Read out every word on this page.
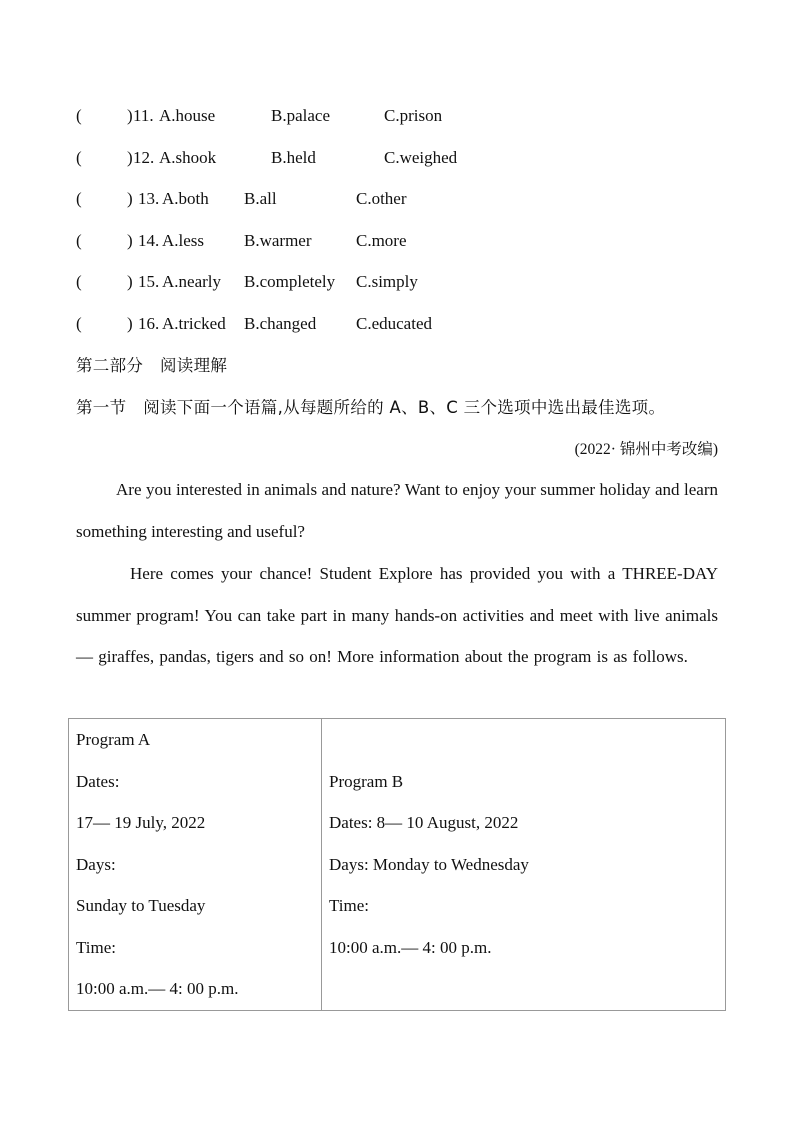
(	) 11. A.house	B.palace	C.prison
(	) 12. A.shook	B.held	C.weighed
(	) 13. A.both B.all	C.other
(	) 14. A.less B.warmer	C.more
(	) 15. A.nearly B.completely C.simply
(	) 16. A.tricked B.changed C.educated
第二部分　阅读理解
第一节　阅读下面一个语篇,从每题所给的 A、B、C 三个选项中选出最佳选项。
(2022· 锦州中考改编)

Are you interested in animals and nature? Want to enjoy your summer holiday and learn something interesting and useful?

Here comes your chance! Student Explore has provided you with a THREE-DAY summer program! You can take part in many hands-on activities and meet with live animals — giraffes, pandas, tigers and so on! More information about the program is as follows.

Program A
Dates:
17— 19 July, 2022
Days:
Sunday to Tuesday
Time:
10:00 a.m.— 4: 00 p.m.

Program B
Dates: 8— 10 August, 2022
Days: Monday to Wednesday
Time:
10:00 a.m.— 4: 00 p.m.
